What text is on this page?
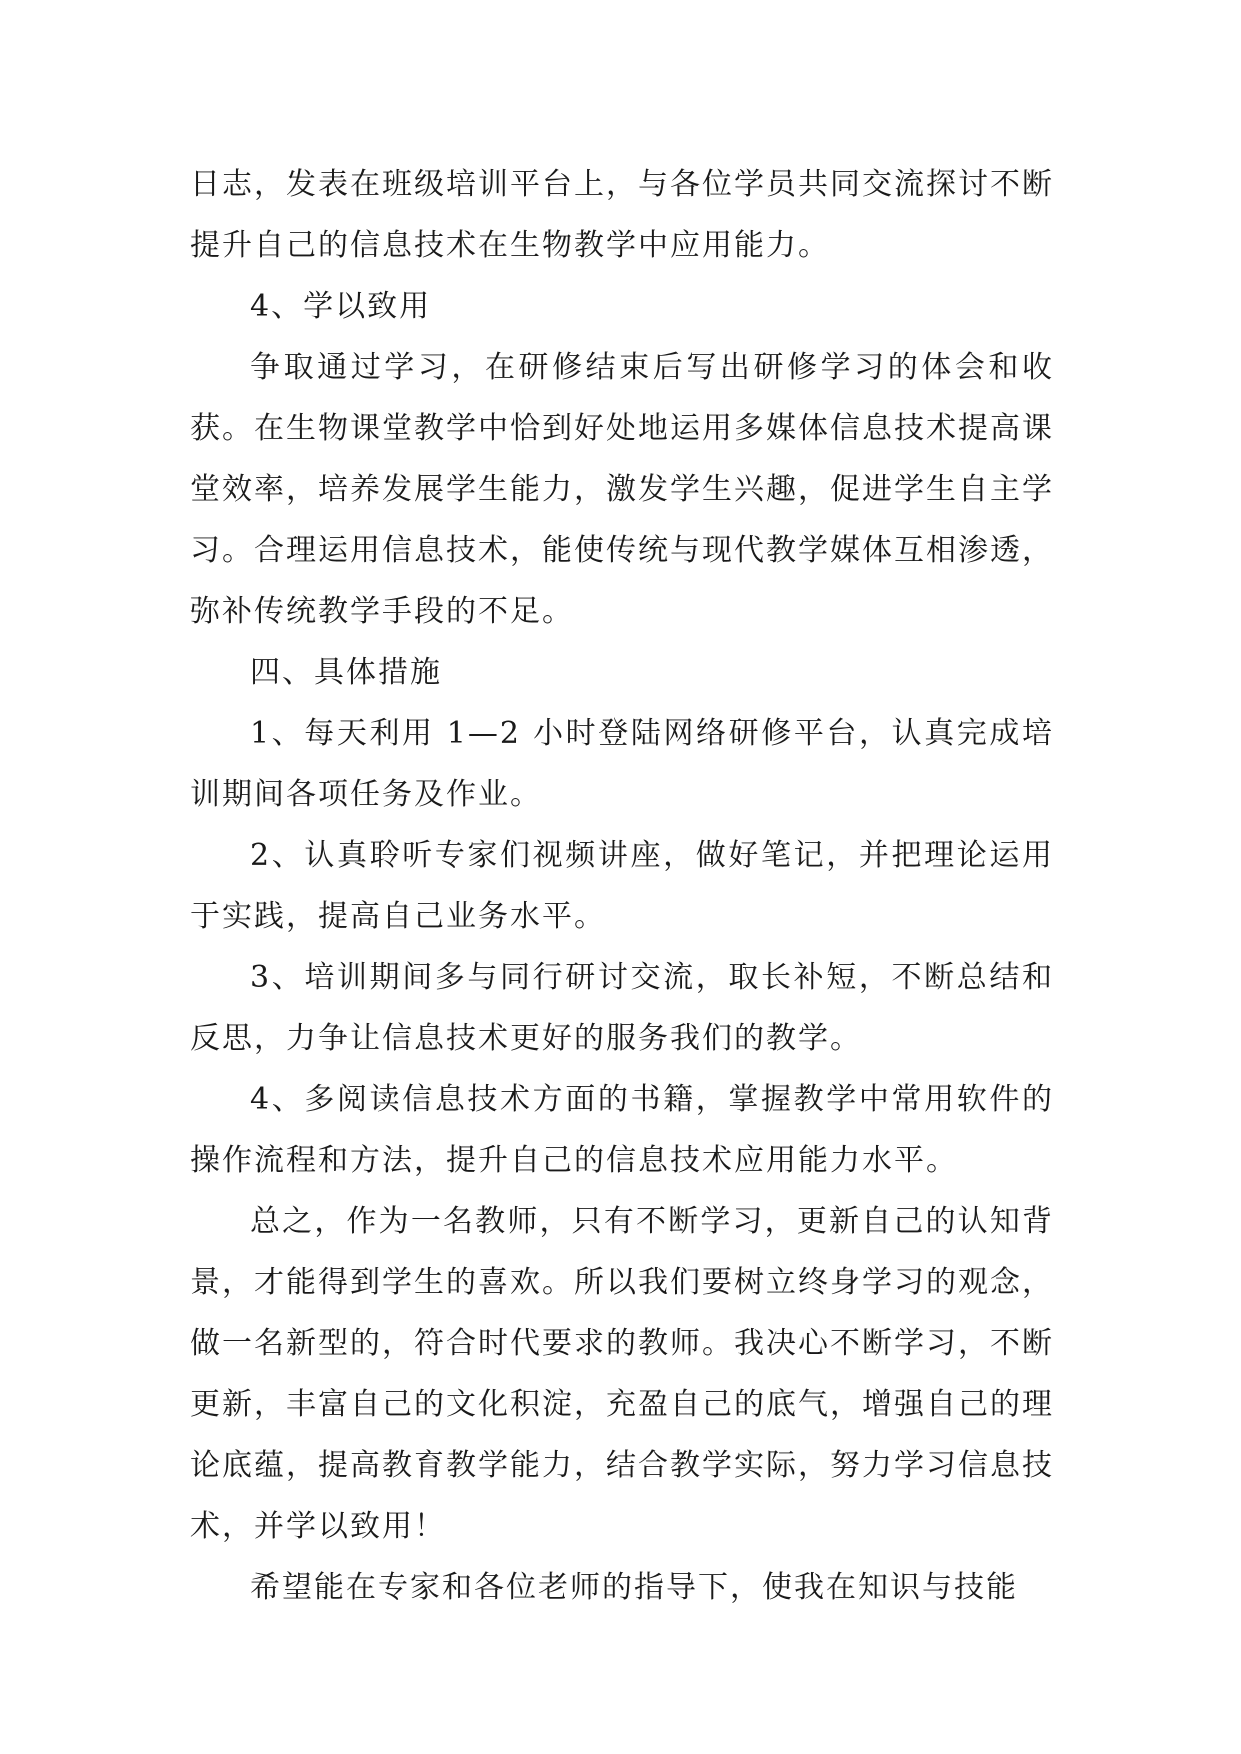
日志，发表在班级培训平台上，与各位学员共同交流探讨不断提升自己的信息技术在生物教学中应用能力。

4、学以致用

争取通过学习，在研修结束后写出研修学习的体会和收获。在生物课堂教学中恰到好处地运用多媒体信息技术提高课堂效率，培养发展学生能力，激发学生兴趣，促进学生自主学习。合理运用信息技术，能使传统与现代教学媒体互相渗透，弥补传统教学手段的不足。

四、具体措施

1、每天利用 1—2 小时登陆网络研修平台，认真完成培训期间各项任务及作业。

2、认真聆听专家们视频讲座，做好笔记，并把理论运用于实践，提高自己业务水平。

3、培训期间多与同行研讨交流，取长补短，不断总结和反思，力争让信息技术更好的服务我们的教学。

4、多阅读信息技术方面的书籍，掌握教学中常用软件的操作流程和方法，提升自己的信息技术应用能力水平。

总之，作为一名教师，只有不断学习，更新自己的认知背景，才能得到学生的喜欢。所以我们要树立终身学习的观念，做一名新型的，符合时代要求的教师。我决心不断学习，不断更新，丰富自己的文化积淀，充盈自己的底气，增强自己的理论底蕴，提高教育教学能力，结合教学实际，努力学习信息技术，并学以致用！

希望能在专家和各位老师的指导下，使我在知识与技能
